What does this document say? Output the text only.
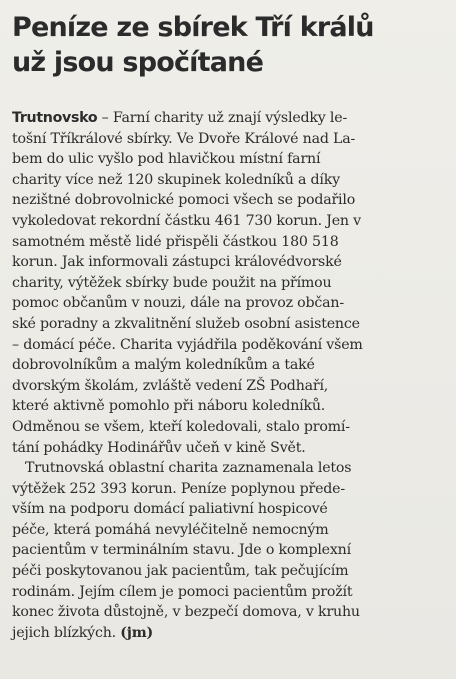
Peníze ze sbírek Tří králů
už jsou spočítané
Trutnovsko – Farní charity už znají výsledky le-
tošní Tříkrálové sbírky. Ve Dvoře Králové nad La-
bem do ulic vyšlo pod hlavičkou místní farní
charity více než 120 skupinek koledníků a díky
nezištné dobrovolnické pomoci všech se podařilo
vykoledovat rekordní částku 461 730 korun. Jen v
samotném městě lidé přispěli částkou 180 518
korun. Jak informovali zástupci královédvorské
charity, výtěžek sbírky bude použit na přímou
pomoc občanům v nouzi, dále na provoz občan-
ské poradny a zkvalitnění služeb osobní asistence
– domácí péče. Charita vyjádřila poděkování všem
dobrovolníkům a malým koledníkům a také
dvorským školám, zvláště vedení ZŠ Podhaří,
které aktivně pomohlo při náboru koledníků.
Odměnou se všem, kteří koledovali, stalo promí-
tání pohádky Hodinářův učeň v kině Svět.
Trutnovská oblastní charita zaznamenala letos
výtěžek 252 393 korun. Peníze poplynou přede-
vším na podporu domácí paliativní hospicové
péče, která pomáhá nevyléčitelně nemocným
pacientům v terminálním stavu. Jde o komplexní
péči poskytovanou jak pacientům, tak pečujícím
rodinám. Jejím cílem je pomoci pacientům prožít
konec života důstojně, v bezpečí domova, v kruhu
jejich blízkých. (jm)
